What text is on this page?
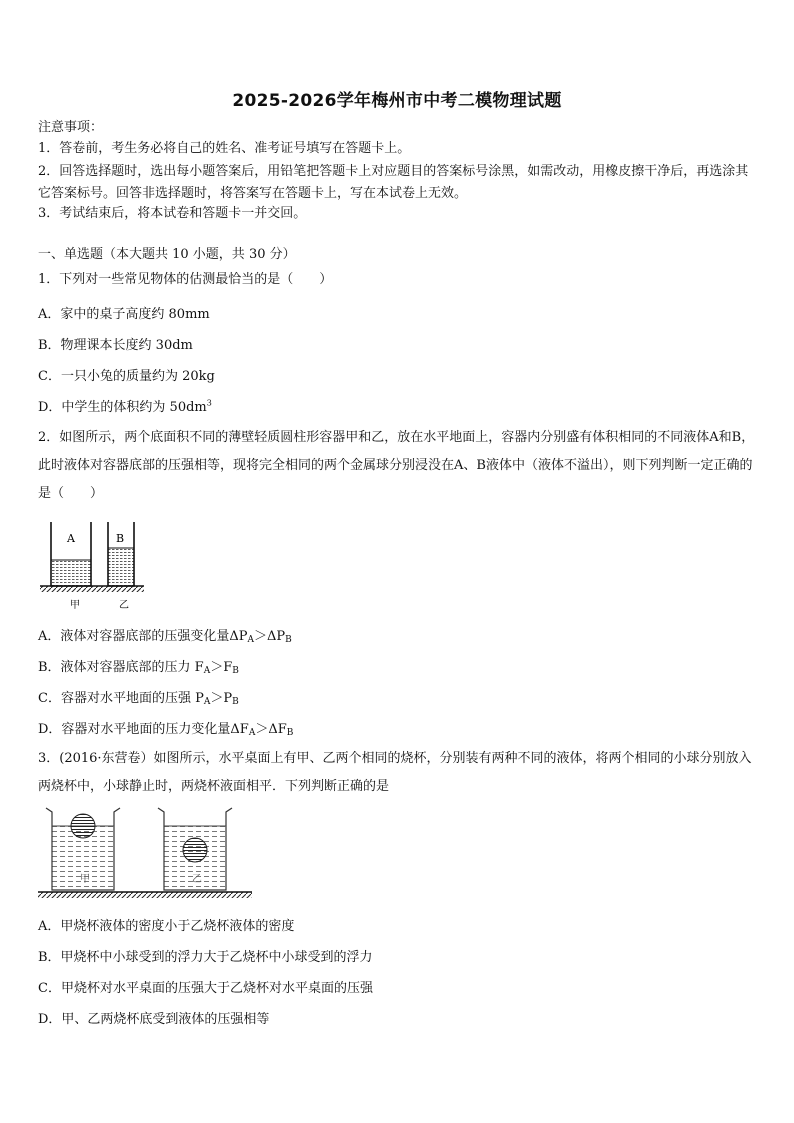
2025-2026学年梅州市中考二模物理试题
注意事项：
1．答卷前，考生务必将自己的姓名、准考证号填写在答题卡上。
2．回答选择题时，选出每小题答案后，用铅笔把答题卡上对应题目的答案标号涂黑，如需改动，用橡皮擦干净后，再选涂其它答案标号。回答非选择题时，将答案写在答题卡上，写在本试卷上无效。
3．考试结束后，将本试卷和答题卡一并交回。
一、单选题（本大题共 10 小题，共 30 分）
1．下列对一些常见物体的估测最恰当的是（　　）
A．家中的桌子高度约 80mm
B．物理课本长度约 30dm
C．一只小兔的质量约为 20kg
D．中学生的体积约为 $50dm^3$
2．如图所示，两个底面积不同的薄壁轻质圆柱形容器甲和乙，放在水平地面上，容器内分别盛有体积相同的不同液体A和B，此时液体对容器底部的压强相等，现将完全相同的两个金属球分别浸没在A、B液体中（液体不溢出），则下列判断一定正确的是（　　）
A	B
甲	乙
A．液体对容器底部的压强变化量$\Delta P_A>\Delta P_B$
B．液体对容器底部的压力 $F_A>F_B$
C．容器对水平地面的压强 $P_A>P_B$
D．容器对水平地面的压力变化量$\Delta F_A>\Delta F_B$
3．(2016·东营卷）如图所示，水平桌面上有甲、乙两个相同的烧杯，分别装有两种不同的液体，将两个相同的小球分别放入两烧杯中，小球静止时，两烧杯液面相平．下列判断正确的是
甲	乙
A．甲烧杯液体的密度小于乙烧杯液体的密度
B．甲烧杯中小球受到的浮力大于乙烧杯中小球受到的浮力
C．甲烧杯对水平桌面的压强大于乙烧杯对水平桌面的压强
D．甲、乙两烧杯底受到液体的压强相等
